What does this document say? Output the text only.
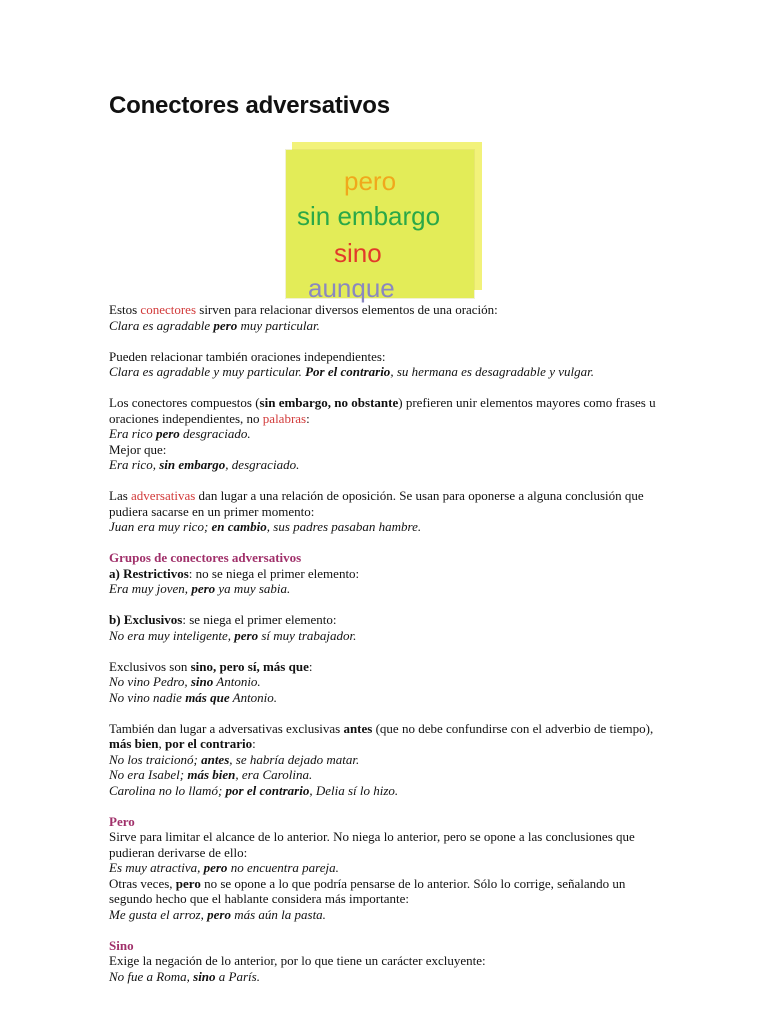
Conectores adversativos
pero
sin embargo
sino
aunque

Estos conectores sirven para relacionar diversos elementos de una oración:
Clara es agradable pero muy particular.

Pueden relacionar también oraciones independientes:
Clara es agradable y muy particular. Por el contrario, su hermana es desagradable y vulgar.

Los conectores compuestos (sin embargo, no obstante) prefieren unir elementos mayores como frases u oraciones independientes, no palabras:
Era rico pero desgraciado.
Mejor que:
Era rico, sin embargo, desgraciado.

Las adversativas dan lugar a una relación de oposición. Se usan para oponerse a alguna conclusión que pudiera sacarse en un primer momento:
Juan era muy rico; en cambio, sus padres pasaban hambre.

Grupos de conectores adversativos
a) Restrictivos: no se niega el primer elemento:
Era muy joven, pero ya muy sabia.

b) Exclusivos: se niega el primer elemento:
No era muy inteligente, pero sí muy trabajador.

Exclusivos son sino, pero sí, más que:
No vino Pedro, sino Antonio.
No vino nadie más que Antonio.

También dan lugar a adversativas exclusivas antes (que no debe confundirse con el adverbio de tiempo), más bien, por el contrario:
No los traicionó; antes, se habría dejado matar.
No era Isabel; más bien, era Carolina.
Carolina no lo llamó; por el contrario, Delia sí lo hizo.

Pero
Sirve para limitar el alcance de lo anterior. No niega lo anterior, pero se opone a las conclusiones que pudieran derivarse de ello:
Es muy atractiva, pero no encuentra pareja.
Otras veces, pero no se opone a lo que podría pensarse de lo anterior. Sólo lo corrige, señalando un segundo hecho que el hablante considera más importante:
Me gusta el arroz, pero más aún la pasta.

Sino
Exige la negación de lo anterior, por lo que tiene un carácter excluyente:
No fue a Roma, sino a París.
